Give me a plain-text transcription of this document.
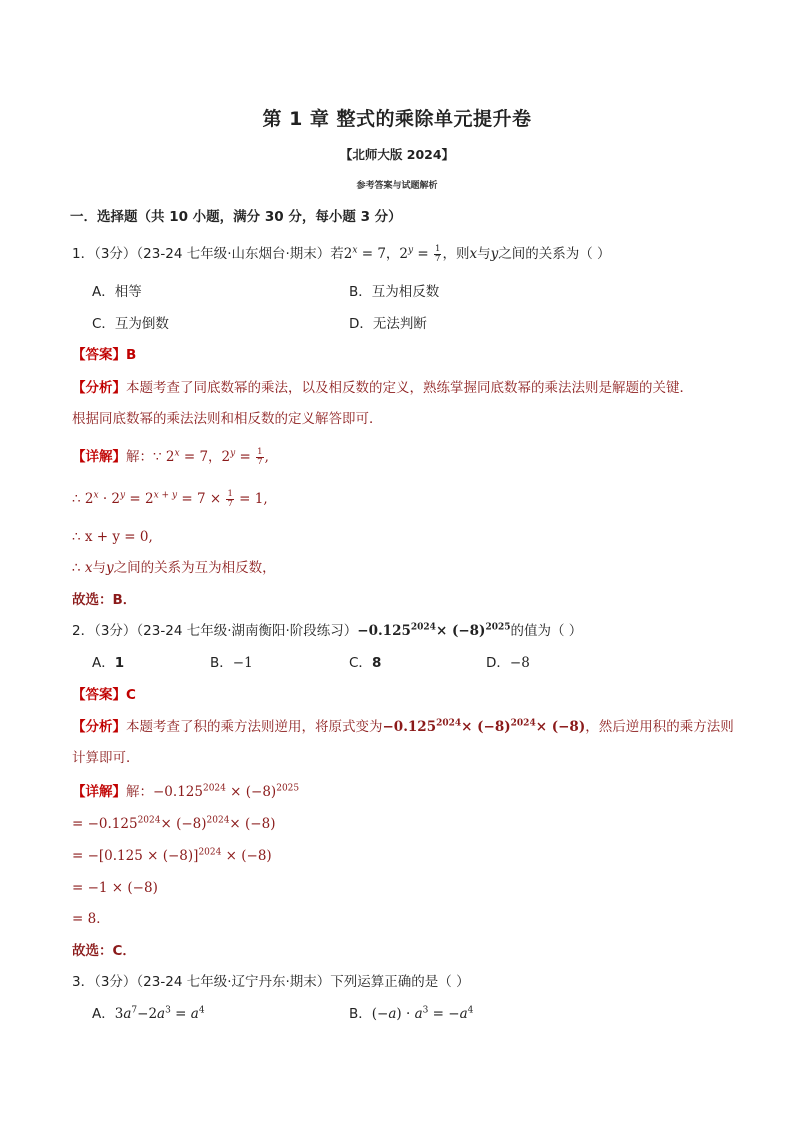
第 1 章 整式的乘除单元提升卷
【北师大版 2024】
参考答案与试题解析
一．选择题（共 10 小题，满分 30 分，每小题 3 分）
1．（3分）（23-24 七年级·山东烟台·期末）若$2^x = 7$，$2^y = \frac{1}{7}$ ，则x与y之间的关系为（ ）
A．相等	B．互为相反数
C．互为倒数	D．无法判断
【答案】B
【分析】本题考查了同底数幂的乘法，以及相反数的定义，熟练掌握同底数幂的乘法法则是解题的关键．
根据同底数幂的乘法法则和相反数的定义解答即可．
【详解】解：∵ $2^x = 7$，$2^y = \frac{1}{7}$ ,
∴ $2^x \cdot 2^y = 2^{x + y} = 7 \times \frac{1}{7} = 1$,
∴ x + y = 0,
∴ x与y之间的关系为互为相反数，
故选：B．
2．（3分）（23-24 七年级·湖南衡阳·阶段练习）$-0.125^{2024}\times (-8)^{2025}$的值为（ ）
A．1	B．−1	C．8	D．−8
【答案】C
【分析】本题考查了积的乘方法则逆用，将原式变为$-0.125^{2024}\times (-8)^{2024}\times (-8)$，然后逆用积的乘方法则
计算即可．
【详解】解：$-0.125^{2024} \times (-8)^{2025}$
= $-0.125^{2024}\times (-8)^{2024}\times (-8)$
= $-[0.125 \times (-8)]^{2024} \times (-8)$
= −1 × (−8)
= 8．
故选：C．
3．（3分）（23-24 七年级·辽宁丹东·期末）下列运算正确的是（ ）
A．$3a^7-2a^3 = a^4$	B．$(-a) \cdot a^3 = -a^4$
